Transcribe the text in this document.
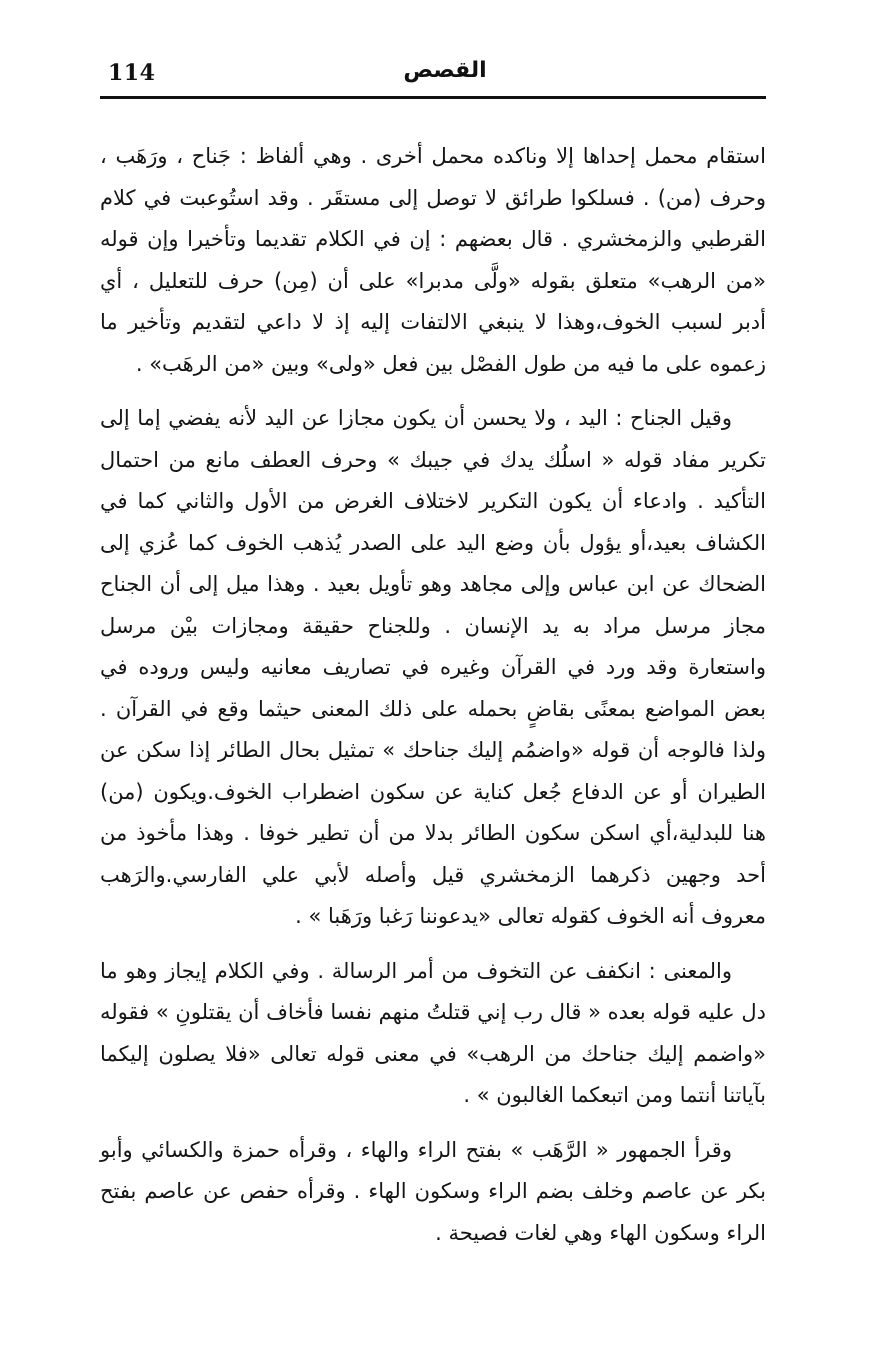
114	القصص

استقام محمل إحداها إلا وناكده محمل أخرى . وهي ألفاظ : جَناح ، ورَهَب ، وحرف (من) . فسلكوا طرائق لا توصل إلى مستقَر . وقد استُوعبت في كلام القرطبي والزمخشري . قال بعضهم : إن في الكلام تقديما وتأخيرا وإن قوله «من الرهب» متعلق بقوله «ولَّى مدبرا» على أن (مِن) حرف للتعليل ، أي أدبر لسبب الخوف،وهذا لا ينبغي الالتفات إليه إذ لا داعي لتقديم وتأخير ما زعموه على ما فيه من طول الفصْل بين فعل «ولى» وبين «من الرهَب» .

وقيل الجناح : اليد ، ولا يحسن أن يكون مجازا عن اليد لأنه يفضي إما إلى تكرير مفاد قوله « اسلُك يدك في جيبك » وحرف العطف مانع من احتمال التأكيد . وادعاء أن يكون التكرير لاختلاف الغرض من الأول والثاني كما في الكشاف بعيد،أو يؤول بأن وضع اليد على الصدر يُذهب الخوف كما عُزي إلى الضحاك عن ابن عباس وإلى مجاهد وهو تأويل بعيد . وهذا ميل إلى أن الجناح مجاز مرسل مراد به يد الإنسان . وللجناح حقيقة ومجازات بيْن مرسل واستعارة وقد ورد في القرآن وغيره في تصاريف معانيه وليس وروده في بعض المواضع بمعنًى بقاضٍ بحمله على ذلك المعنى حيثما وقع في القرآن . ولذا فالوجه أن قوله «واضمُم إليك جناحك » تمثيل بحال الطائر إذا سكن عن الطيران أو عن الدفاع جُعل كناية عن سكون اضطراب الخوف.ويكون (من) هنا للبدلية،أي اسكن سكون الطائر بدلا من أن تطير خوفا . وهذا مأخوذ من أحد وجهين ذكرهما الزمخشري قيل وأصله لأبي علي الفارسي.والرَهب معروف أنه الخوف كقوله تعالى «يدعوننا رَغبا ورَهَبا » .

والمعنى : انكفف عن التخوف من أمر الرسالة . وفي الكلام إيجاز وهو ما دل عليه قوله بعده « قال رب إني قتلتُ منهم نفسا فأخاف أن يقتلونِ » فقوله «واضمم إليك جناحك من الرهب» في معنى قوله تعالى «فلا يصلون إليكما بآياتنا أنتما ومن اتبعكما الغالبون » .

وقرأ الجمهور « الرَّهَب » بفتح الراء والهاء ، وقرأه حمزة والكسائي وأبو بكر عن عاصم وخلف بضم الراء وسكون الهاء . وقرأه حفص عن عاصم بفتح الراء وسكون الهاء وهي لغات فصيحة .
